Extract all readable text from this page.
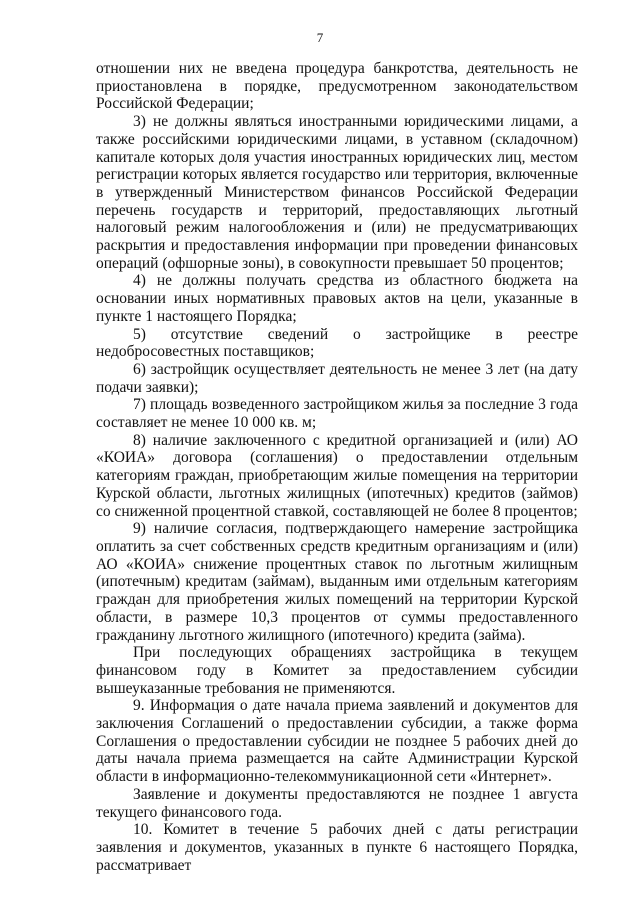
7

отношении них не введена процедура банкротства, деятельность не приостановлена в порядке, предусмотренном законодательством Российской Федерации;

3) не должны являться иностранными юридическими лицами, а также российскими юридическими лицами, в уставном (складочном) капитале которых доля участия иностранных юридических лиц, местом регистрации которых является государство или территория, включенные в утвержденный Министерством финансов Российской Федерации перечень государств и территорий, предоставляющих льготный налоговый режим налогообложения и (или) не предусматривающих раскрытия и предоставления информации при проведении финансовых операций (офшорные зоны), в совокупности превышает 50 процентов;

4) не должны получать средства из областного бюджета на основании иных нормативных правовых актов на цели, указанные в пункте 1 настоящего Порядка;

5) отсутствие сведений о застройщике в реестре недобросовестных поставщиков;

6) застройщик осуществляет деятельность не менее 3 лет (на дату подачи заявки);

7) площадь возведенного застройщиком жилья за последние 3 года составляет не менее 10 000 кв. м;

8) наличие заключенного с кредитной организацией и (или) АО «КОИА» договора (соглашения) о предоставлении отдельным категориям граждан, приобретающим жилые помещения на территории Курской области, льготных жилищных (ипотечных) кредитов (займов) со сниженной процентной ставкой, составляющей не более 8 процентов;

9) наличие согласия, подтверждающего намерение застройщика оплатить за счет собственных средств кредитным организациям и (или) АО «КОИА» снижение процентных ставок по льготным жилищным (ипотечным) кредитам (займам), выданным ими отдельным категориям граждан для приобретения жилых помещений на территории Курской области, в размере 10,3 процентов от суммы предоставленного гражданину льготного жилищного (ипотечного) кредита (займа).

При последующих обращениях застройщика в текущем финансовом году в Комитет за предоставлением субсидии вышеуказанные требования не применяются.

9. Информация о дате начала приема заявлений и документов для заключения Соглашений о предоставлении субсидии, а также форма Соглашения о предоставлении субсидии не позднее 5 рабочих дней до даты начала приема размещается на сайте Администрации Курской области в информационно-телекоммуникационной сети «Интернет».

Заявление и документы предоставляются не позднее 1 августа текущего финансового года.

10. Комитет в течение 5 рабочих дней с даты регистрации заявления и документов, указанных в пункте 6 настоящего Порядка, рассматривает
